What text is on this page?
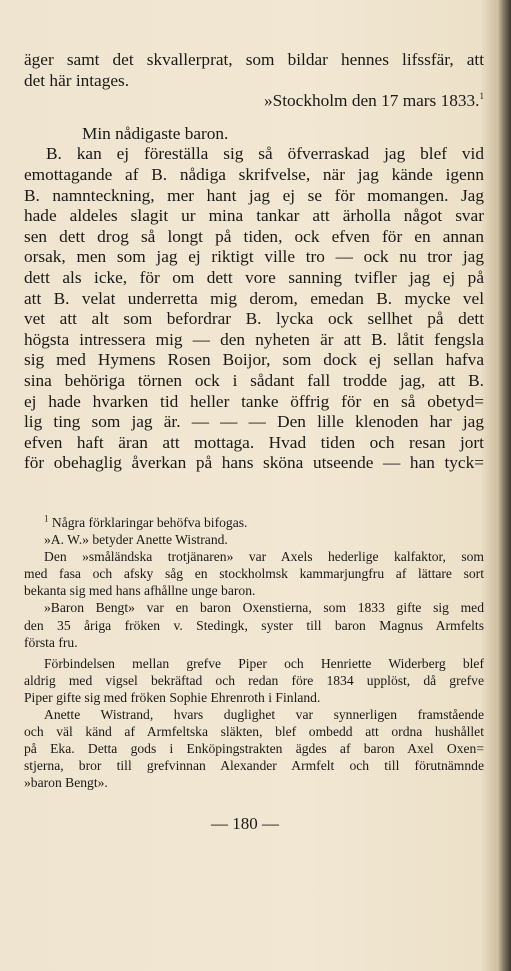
äger samt det skvallerprat, som bildar hennes lifssfär, att
det här intages.
»Stockholm den 17 mars 1833.$^1$
Min nådigaste baron.
B. kan ej föreställa sig så öfverraskad jag blef vid
emottagande af B. nådiga skrifvelse, när jag kände igenn
B. namnteckning, mer hant jag ej se för momangen. Jag
hade aldeles slagit ur mina tankar att ärholla något svar
sen dett drog så longt på tiden, ock efven för en annan
orsak, men som jag ej riktigt ville tro — ock nu tror jag
dett als icke, för om dett vore sanning tvifler jag ej på
att B. velat underretta mig derom, emedan B. mycke vel
vet att alt som befordrar B. lycka ock sellhet på dett
högsta intressera mig — den nyheten är att B. låtit fengsla
sig med Hymens Rosen Boijor, som dock ej sellan hafva
sina behöriga törnen ock i sådant fall trodde jag, att B.
ej hade hvarken tid heller tanke öffrig för en så obetyd=
lig ting som jag är. — — — Den lille klenoden har jag
efven haft äran att mottaga. Hvad tiden och resan jort
för obehaglig åverkan på hans sköna utseende — han tyck=
$^1$ Några förklaringar behöfva bifogas.
»A. W.» betyder Anette Wistrand.
Den »småländska trotjänaren» var Axels hederlige kalfaktor, som
med fasa och afsky såg en stockholmsk kammarjungfru af lättare sort
bekanta sig med hans afhållne unge baron.
»Baron Bengt» var en baron Oxenstierna, som 1833 gifte sig med
den 35 åriga fröken v. Stedingk, syster till baron Magnus Armfelts
första fru.
Förbindelsen mellan grefve Piper och Henriette Widerberg blef
aldrig med vigsel bekräftad och redan före 1834 upplöst, då grefve
Piper gifte sig med fröken Sophie Ehrenroth i Finland.
Anette Wistrand, hvars duglighet var synnerligen framstående
och väl känd af Armfeltska släkten, blef ombedd att ordna hushållet
på Eka. Detta gods i Enköpingstrakten ägdes af baron Axel Oxen=
stjerna, bror till grefvinnan Alexander Armfelt och till förutnämnde
»baron Bengt».
— 180 —
